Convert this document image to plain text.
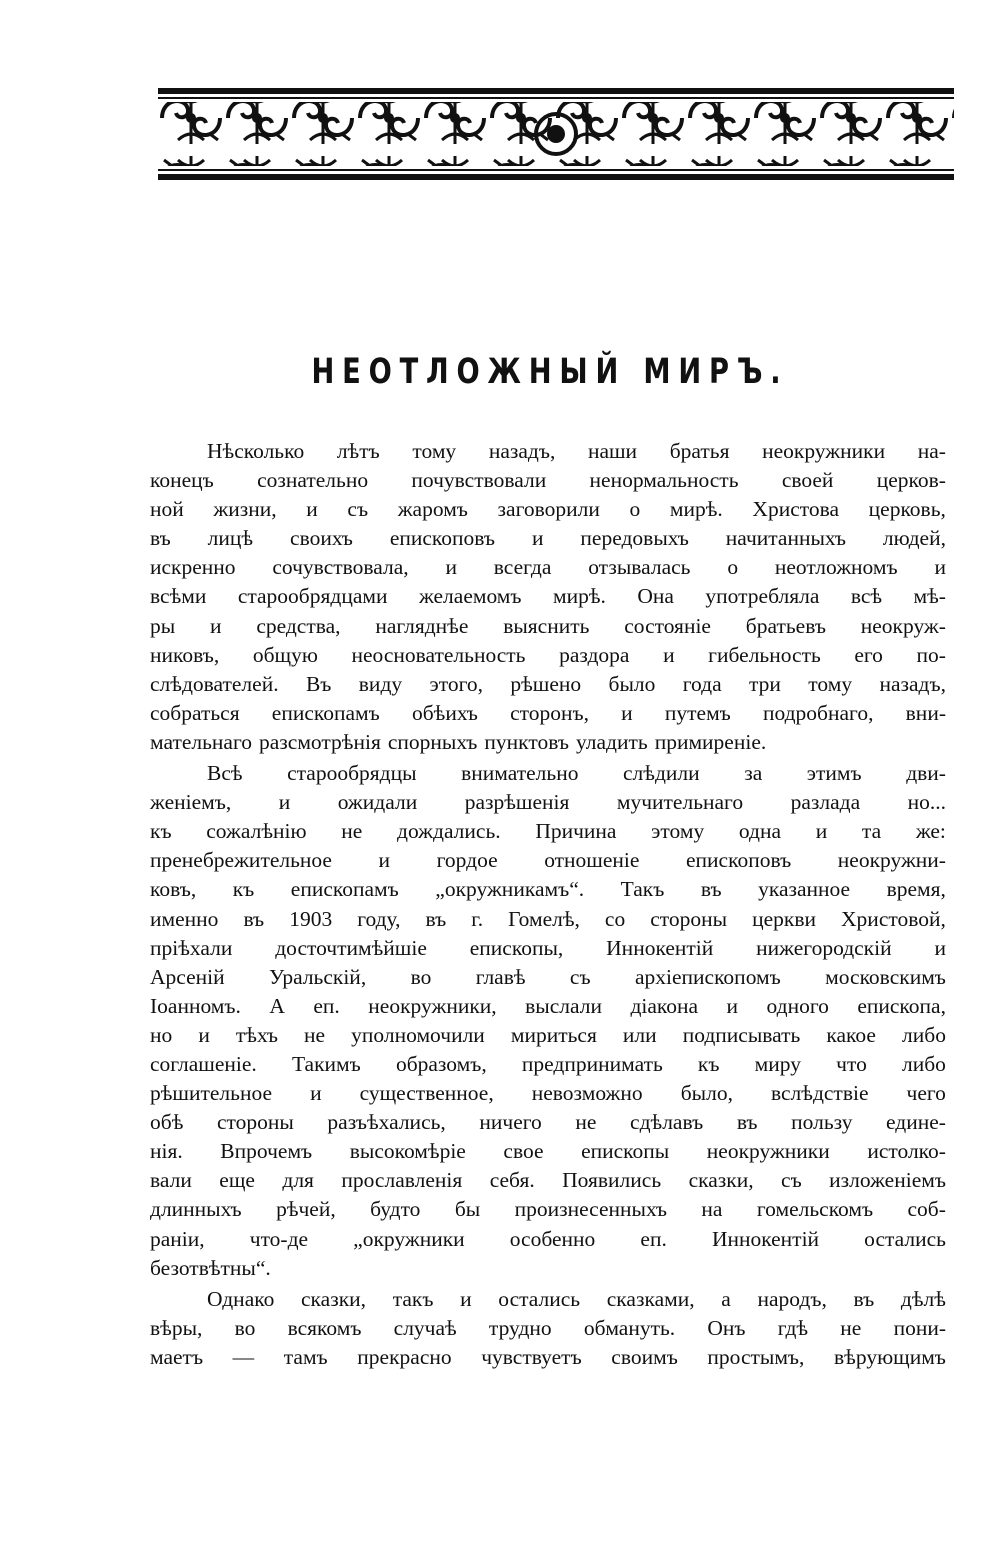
НЕОТЛОЖНЫЙ МИРЪ.
Нѣсколько лѣтъ тому назадъ, наши братья неокружники на-
конецъ сознательно почувствовали ненормальность своей церков-
ной жизни, и съ жаромъ заговорили о мирѣ. Христова церковь,
въ лицѣ своихъ епископовъ и передовыхъ начитанныхъ людей,
искренно сочувствовала, и всегда отзывалась о неотложномъ и
всѣми старообрядцами желаемомъ мирѣ. Она употребляла всѣ мѣ-
ры и средства, нагляднѣе выяснить состояніе братьевъ неокруж-
никовъ, общую неосновательность раздора и гибельность его по-
слѣдователей. Въ виду этого, рѣшено было года три тому назадъ,
собраться епископамъ обѣихъ сторонъ, и путемъ подробнаго, вни-
мательнаго разсмотрѣнія спорныхъ пунктовъ уладить примиреніе.
Всѣ старообрядцы внимательно слѣдили за этимъ дви-
женіемъ, и ожидали разрѣшенія мучительнаго разлада но...
къ сожалѣнію не дождались. Причина этому одна и та же:
пренебрежительное и гордое отношеніе епископовъ неокружни-
ковъ, къ епископамъ „окружникамъ“. Такъ въ указанное время,
именно въ 1903 году, въ г. Гомелѣ, со стороны церкви Христовой,
пріѣхали досточтимѣйшіе епископы, Иннокентій нижегородскій и
Арсеній Уральскій, во главѣ съ архіепископомъ московскимъ
Іоанномъ. А еп. неокружники, выслали діакона и одного епископа,
но и тѣхъ не уполномочили мириться или подписывать какое либо
соглашеніе. Такимъ образомъ, предпринимать къ миру что либо
рѣшительное и существенное, невозможно было, вслѣдствіе чего
обѣ стороны разъѣхались, ничего не сдѣлавъ въ пользу едине-
нія. Впрочемъ высокомѣріе свое епископы неокружники истолко-
вали еще для прославленія себя. Появились сказки, съ изложеніемъ
длинныхъ рѣчей, будто бы произнесенныхъ на гомельскомъ соб-
раніи, что-де „окружники особенно еп. Иннокентій остались
безотвѣтны“.
Однако сказки, такъ и остались сказками, а народъ, въ дѣлѣ
вѣры, во всякомъ случаѣ трудно обмануть. Онъ гдѣ не пони-
маетъ — тамъ прекрасно чувствуетъ своимъ простымъ, вѣрующимъ
